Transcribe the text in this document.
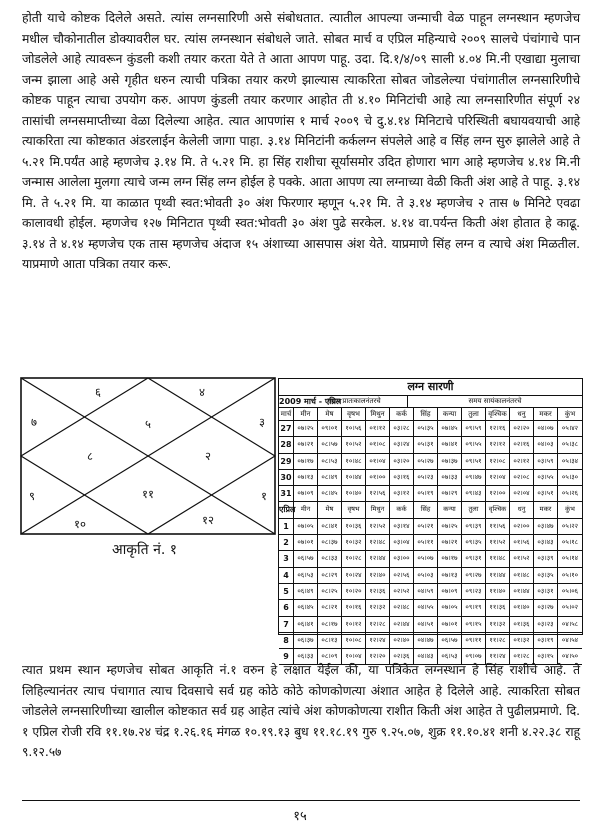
होती याचे कोष्टक दिलेले असते. त्यांस लग्नसारिणी असे संबोधतात. त्यातील आपल्या जन्माची वेळ पाहून लग्नस्थान म्हणजेच मधील चौकोनातील डोक्यावरील घर. त्यांस लग्नस्थान संबोधले जाते. सोबत मार्च व एप्रिल महिन्याचे २००९ सालचे पंचांगाचे पान जोडलेले आहे त्यावरून कुंडली कशी तयार करता येते ते आता आपण पाहू. उदा. दि.१/४/०९ साली ४.०४ मि.नी एखाद्या मुलाचा जन्म झाला आहे असे गृहीत धरुन त्याची पत्रिका तयार करणे झाल्यास त्याकरिता सोबत जोडलेल्या पंचांगातील लग्नसारिणीचे कोष्टक पाहून त्याचा उपयोग करु. आपण कुंडली तयार करणार आहोत ती ४.१० मिनिटांची आहे त्या लग्नसारिणीत संपूर्ण २४ तासांची लग्नसमाप्तीच्या वेळा दिलेल्या आहेत. त्यात आपणांस १ मार्च २००९ चे दु.४.१४ मिनिटाचे परिस्थिती बघायवयाची आहे त्याकरिता त्या कोष्टकात अंडरलाईन केलेली जागा पाहा. ३.१४ मिनिटांनी कर्कलग्न संपलेले आहे व सिंह लग्न सुरु झालेले आहे ते ५.२१ मि.पर्यंत आहे म्हणजेच ३.१४ मि. ते ५.२१ मि. हा सिंह राशीचा सूर्यासमोर उदित होणारा भाग आहे म्हणजेच ४.१४ मि.नी जन्मास आलेला मुलगा त्याचे जन्म लग्न सिंह लग्न होईल हे पक्के. आता आपण त्या लग्नाच्या वेळी किती अंश आहे ते पाहू. ३.१४ मि. ते ५.२१ मि. या काळात पृथ्वी स्वत:भोवती ३० अंश फिरणार म्हणून ५.२१ मि. ते ३.१४ म्हणजेच २ तास ७ मिनिटे एवढा कालावधी होईल. म्हणजेच १२७ मिनिटात पृथ्वी स्वत:भोवती ३० अंश पुढे सरकेल. ४.१४ वा.पर्यन्त किती अंश होतात हे काढू. ३.१४ ते ४.१४ म्हणजेच एक तास म्हणजेच अंदाज १५ अंशाच्या आसपास अंश येते. याप्रमाणे सिंह लग्न व त्याचे अंश मिळतील. याप्रमाणे आता पत्रिका तयार करू.

६	४
७	५	३
८	२
९	११	१
१०	१२
आकृति नं. १
लग्न सारणी
2009 मार्च - एप्रिल
समय प्रातःकालनंतरचे	समय सायंकालनंतरचे
मार्च	मीन	मेष	वृषभ	मिथुन	कर्क	सिंह	कन्या	तुला	वृश्चिक	धनु	मकर	कुंभ
27 ०७।२५	०९।०१	१०।५६	०१।१२	०३।२८	०५।३५	०७।४५	०९।५९	१२।१६	०२।२०	०४।०७	०५।४२
28 ०७।२१	०८।५७	१०।५२	०१।०८	०३।२४	०५।३१	०७।४१	०९।५५	१२।१२	०२।१६	०४।०३	०५।३८
29 ०७।१७	०८।५३	१०।४८	०१।०४	०३।२०	०५।२७	०७।३७	०९।५१	१२।०८	०२।१२	०३।५९	०५।३४
30 ०७।१३	०८।४९	१०।४४	०१।००	०३।१६	०५।२३	०७।३३	०९।४७	१२।०४	०२।०८	०३।५५	०५।३०
31 ०७।०९	०८।४५	१०।४०	१२।५६	०३।१२	०५।१९	०७।२९	०९।४३	१२।००	०२।०४	०३।५१	०५।२६
एप्रिल मीन	मेष	वृषभ	मिथुन	कर्क	सिंह	कन्या	तुला	वृश्चिक	धनु	मकर	कुंभ
1	०७।०५	०८।४१	१०।३६	१२।५२	०३।१४	०५।२१	०७।२५	०९।३९	११।५६	०२।००	०३।४७	०५।२२
2	०७।०१	०८।३७	१०।३२	१२।४८	०३।०४	०५।११	०७।२१	०९।३५	११।५२	०१।५६	०३।४३	०५।१८
3	०६।५७	०८।३३	१०।२८	१२।४४	०३।००	०५।०७	०७।१७	०९।३१	११।४८	०१।५२	०३।३९	०५।१४
4	०६।५३	०८।२९	१०।२४	१२।४०	०२।५६	०५।०३	०७।१३	०९।२७	११।४४	०१।४८	०३।३५	०५।१०
5	०६।४९	०८।२५	१०।२०	१२।३६	०२।५२	०४।५९	०७।०९	०९।२३	११।४०	०१।४४	०३।३१	०५।०६
6	०६।४५	०८।२१	१०।१६	१२।३२	०२।४८	०४।५५	०७।०५	०९।१९	११।३६	०१।४०	०३।२७	०५।०२
7	०६।४१	०८।१७	१०।१२	१२।२८	०२।४४	०४।५१	०७।०१	०९।१५	११।३२	०१।३६	०३।२३	०४।५८
8	०६।३७	०८।१३	१०।०८	१२।२४	०२।४०	०४।४७	०६।५७	०९।११	११।२८	०१।३२	०३।१९	०४।५४
9	०६।३३	०८।०९	१०।०४	१२।२०	०२।३६	०४।४३	०६।५३	०९।०७	११।२४	०१।२८	०३।१५	०४।५०

त्यात प्रथम स्थान म्हणजेच सोबत आकृति नं.१ वरुन हे लक्षात येईल की, या पत्रिकेत लग्नस्थान हे सिंह राशीचे आहे. ते लिहिल्यानंतर त्याच पंचागात त्याच दिवसाचे सर्व ग्रह कोठे कोठे कोणकोणत्या अंशात आहेत हे दिलेले आहे. त्याकरिता सोबत जोडलेले लग्नसारिणीच्या खालील कोष्टकात सर्व ग्रह आहेत त्यांचे अंश कोणकोणत्या राशीत किती अंश आहेत ते पुढीलप्रमाणे. दि. १ एप्रिल रोजी रवि ११.१७.२४ चंद्र १.२६.१६ मंगळ १०.१९.१३ बुध ११.१८.१९ गुरु ९.२५.०७, शुक्र ११.१०.४१ शनी ४.२२.३८ राहू ९.१२.५७

१५
